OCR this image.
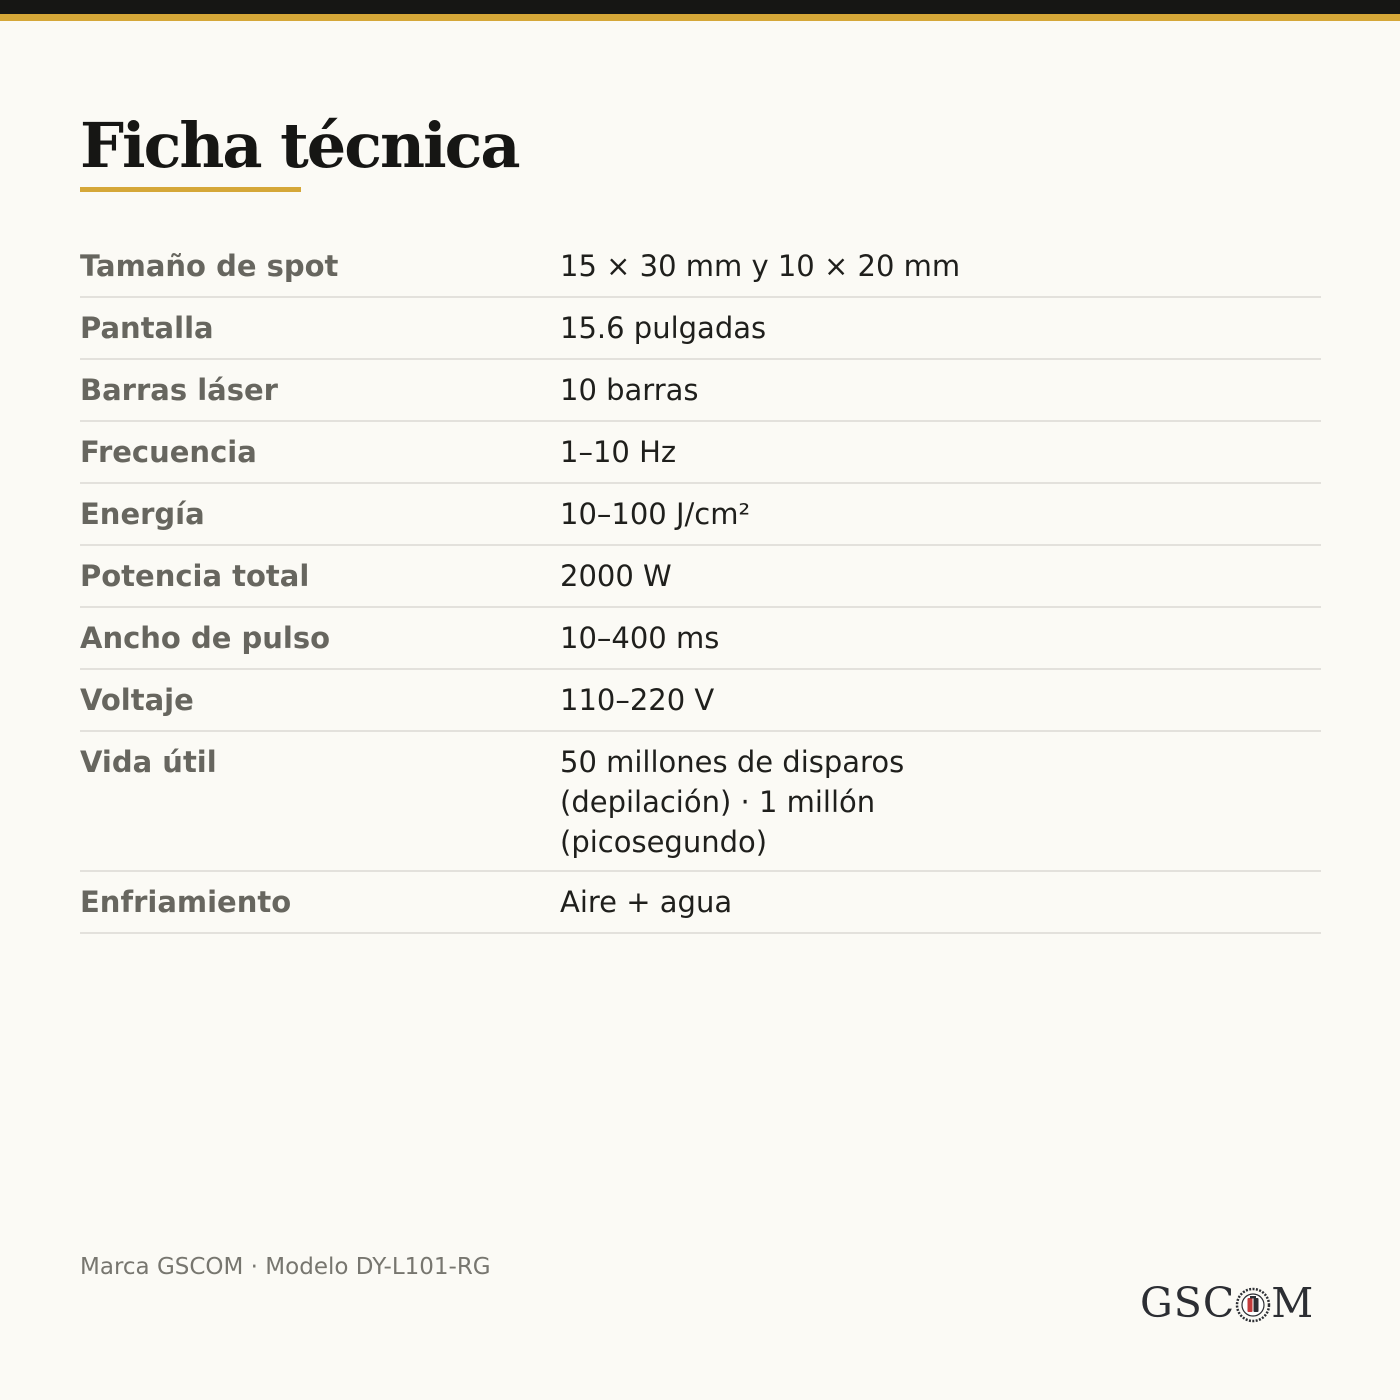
Ficha técnica
Tamaño de spot	15 × 30 mm y 10 × 20 mm
Pantalla	15.6 pulgadas
Barras láser	10 barras
Frecuencia	1–10 Hz
Energía	10–100 J/cm²
Potencia total	2000 W
Ancho de pulso	10–400 ms
Voltaje	110–220 V
Vida útil	50 millones de disparos (depilación) · 1 millón (picosegundo)
Enfriamiento	Aire + agua
Marca GSCOM · Modelo DY-L101-RG
GSC M
